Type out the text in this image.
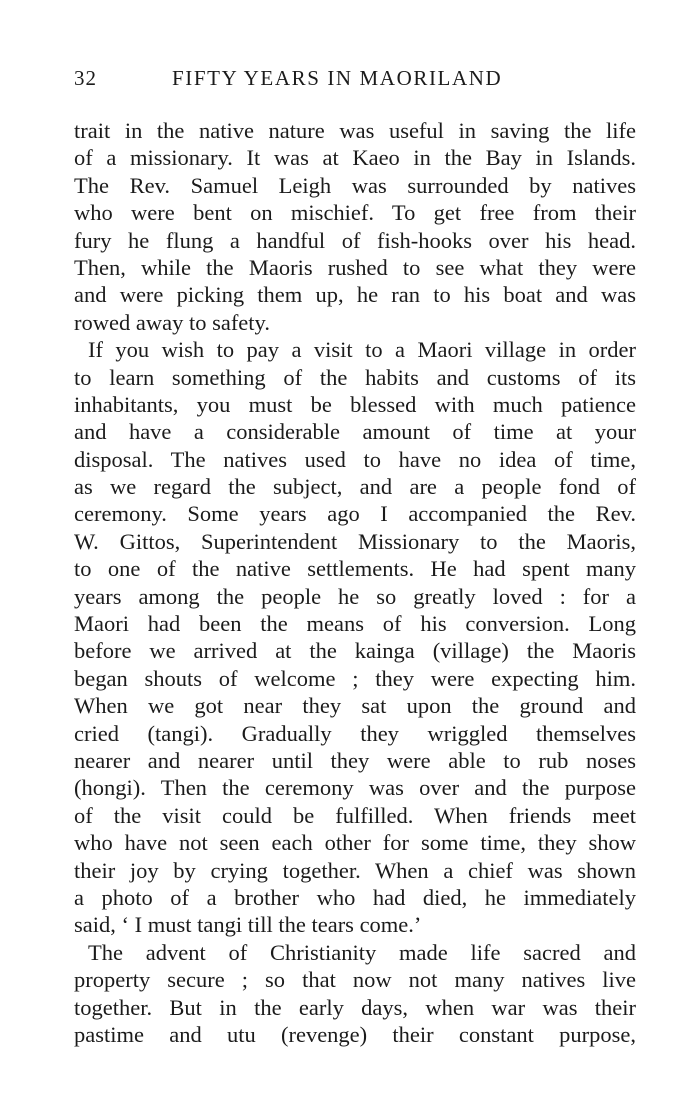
32	FIFTY YEARS IN MAORILAND
trait in the native nature was useful in saving the life
of a missionary. It was at Kaeo in the Bay in Islands.
The Rev. Samuel Leigh was surrounded by natives
who were bent on mischief. To get free from their
fury he flung a handful of fish-hooks over his head.
Then, while the Maoris rushed to see what they were
and were picking them up, he ran to his boat and was
rowed away to safety.
If you wish to pay a visit to a Maori village in order
to learn something of the habits and customs of its
inhabitants, you must be blessed with much patience
and have a considerable amount of time at your
disposal. The natives used to have no idea of time,
as we regard the subject, and are a people fond of
ceremony. Some years ago I accompanied the Rev.
W. Gittos, Superintendent Missionary to the Maoris,
to one of the native settlements. He had spent many
years among the people he so greatly loved : for a
Maori had been the means of his conversion. Long
before we arrived at the kainga (village) the Maoris
began shouts of welcome ; they were expecting him.
When we got near they sat upon the ground and
cried (tangi). Gradually they wriggled themselves
nearer and nearer until they were able to rub noses
(hongi). Then the ceremony was over and the purpose
of the visit could be fulfilled. When friends meet
who have not seen each other for some time, they show
their joy by crying together. When a chief was shown
a photo of a brother who had died, he immediately
said, ‘ I must tangi till the tears come.’
The advent of Christianity made life sacred and
property secure ; so that now not many natives live
together. But in the early days, when war was their
pastime and utu (revenge) their constant purpose,
